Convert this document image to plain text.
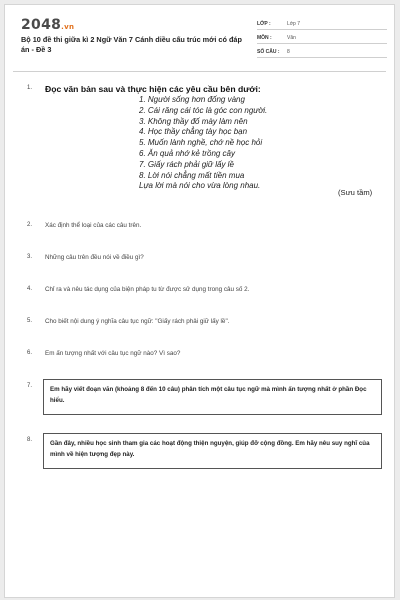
2048.vn
Bộ 10 đề thi giữa kì 2 Ngữ Văn 7 Cánh diều cấu trúc mới có đáp án - Đề 3
LỚP :	Lớp 7
MÔN :	Văn
SỐ CÂU : 8
1. Đọc văn bản sau và thực hiện các yêu cầu bên dưới:
1. Người sống hơn đống vàng
2. Cái răng cái tóc là góc con người.
3. Không thầy đố mày làm nên
4. Học thầy chẳng tày học bạn
5. Muốn lành nghề, chớ nề học hỏi
6. Ăn quả nhớ kẻ trồng cây
7. Giấy rách phải giữ lấy lề
8. Lời nói chẳng mất tiền mua
Lựa lời mà nói cho vừa lòng nhau.
(Sưu tầm)
2. Xác định thể loại của các câu trên.
3. Những câu trên đều nói về điều gì?
4. Chỉ ra và nêu tác dụng của biện pháp tu từ được sử dụng trong câu số 2.
5. Cho biết nội dung ý nghĩa câu tục ngữ: "Giấy rách phải giữ lấy lề".
6. Em ấn tượng nhất với câu tục ngữ nào? Vì sao?
7.	Em hãy viết đoạn văn (khoảng 8 đến 10 câu) phân tích một câu tục ngữ mà mình ấn tượng nhất ở phần Đọc hiểu.
8.	Gần đây, nhiều học sinh tham gia các hoạt động thiện nguyện, giúp đỡ cộng đồng. Em hãy nêu suy nghĩ của mình về hiện tượng đẹp này.
